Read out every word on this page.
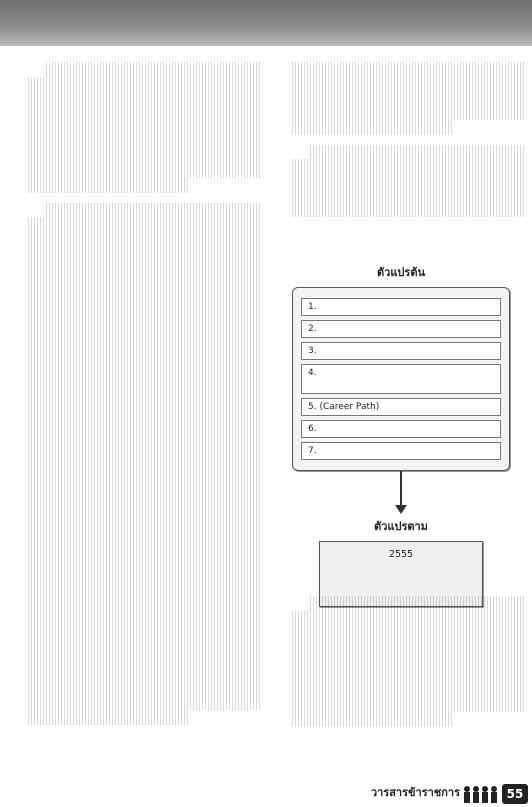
ตัวแปรต้น
1.
2.
3.
4.
5. (Career Path)
6.
7.
ตัวแปรตาม
2555
วารสารข้าราชการ	55
